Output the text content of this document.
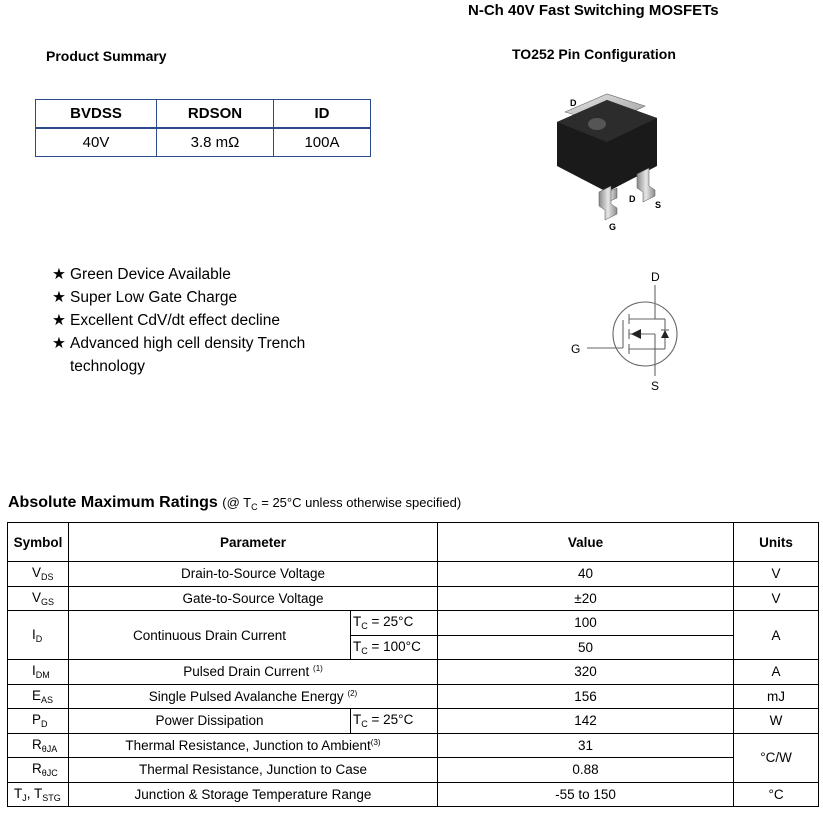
N-Ch 40V Fast Switching MOSFETs
Product Summary	TO252 Pin Configuration
BVDSS	RDSON	ID
40V	3.8 mΩ	100A
★ Green Device Available
★ Super Low Gate Charge
★ Excellent CdV/dt effect decline
★ Advanced high cell density Trench
technology
D
D
S
G
D
G
S
Absolute Maximum Ratings (@ $T_C = 25^\circ C$ unless otherwise specified)
Symbol	Parameter		Value	Units
$V_{DS}$	Drain-to-Source Voltage		40	V
$V_{GS}$	Gate-to-Source Voltage		±20	V
$I_D$	Continuous Drain Current	$T_C = 25^\circ C$	100	A
		$T_C = 100^\circ C$	50	
$I_{DM}$	Pulsed Drain Current $^{(1)}$		320	A
$E_{AS}$	Single Pulsed Avalanche Energy $^{(2)}$		156	mJ
$P_D$	Power Dissipation	$T_C = 25^\circ C$	142	W
$R_{\theta JA}$	Thermal Resistance, Junction to Ambient$^{(3)}$		31	°C/W
$R_{\theta JC}$	Thermal Resistance, Junction to Case		0.88	
$T_J$, $T_{STG}$	Junction & Storage Temperature Range		-55 to 150	°C
